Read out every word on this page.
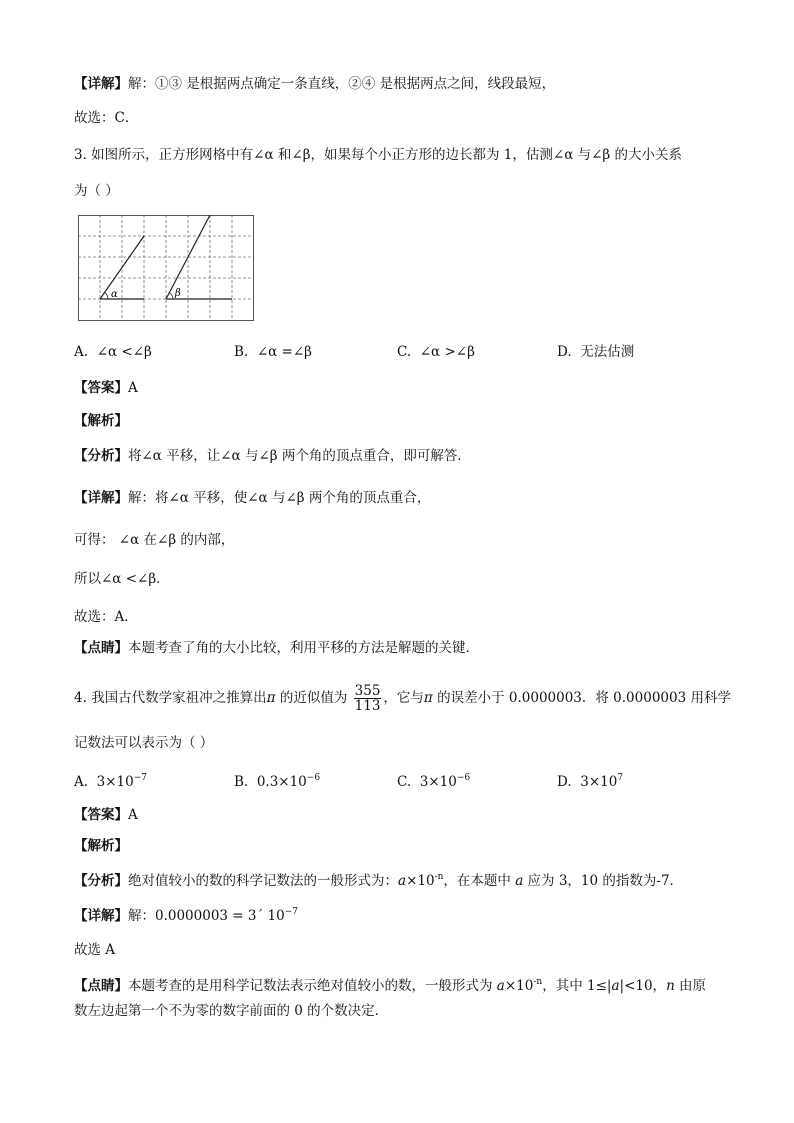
【详解】解：①③ 是根据两点确定一条直线，②④ 是根据两点之间，线段最短，
故选：C．
3. 如图所示，正方形网格中有∠α 和∠β，如果每个小正方形的边长都为 1，估测∠α 与∠β 的大小关系
为（ ）
α	β
A. ∠α <∠β	B. ∠α =∠β	C. ∠α >∠β	D. 无法估测
【答案】A
【解析】
【分析】将∠α 平移，让∠α 与∠β 两个角的顶点重合，即可解答．
【详解】解：将∠α 平移，使∠α 与∠β 两个角的顶点重合，
可得： ∠α 在∠β 的内部，
所以∠α <∠β．
故选：A．
【点睛】本题考查了角的大小比较，利用平移的方法是解题的关键．
4. 我国古代数学家祖冲之推算出π 的近似值为 $\frac{355}{113}$ ，它与π 的误差小于 0.0000003．将 0.0000003 用科学
记数法可以表示为（ ）
A. $3\times 10^{-7}$	B. $0.3\times 10^{-6}$	C. $3\times 10^{-6}$	D. $3\times 10^7$
【答案】A
【解析】
【分析】绝对值较小的数的科学记数法的一般形式为：$a\times 10^{-n}$，在本题中 a 应为 3，10 的指数为-7．
【详解】解：0.0000003 = 3´ $10^{-7}$
故选 A
【点睛】本题考查的是用科学记数法表示绝对值较小的数，一般形式为 $a\times 10^{-n}$，其中 1≤|a|<10，n 由原
数左边起第一个不为零的数字前面的 0 的个数决定．
